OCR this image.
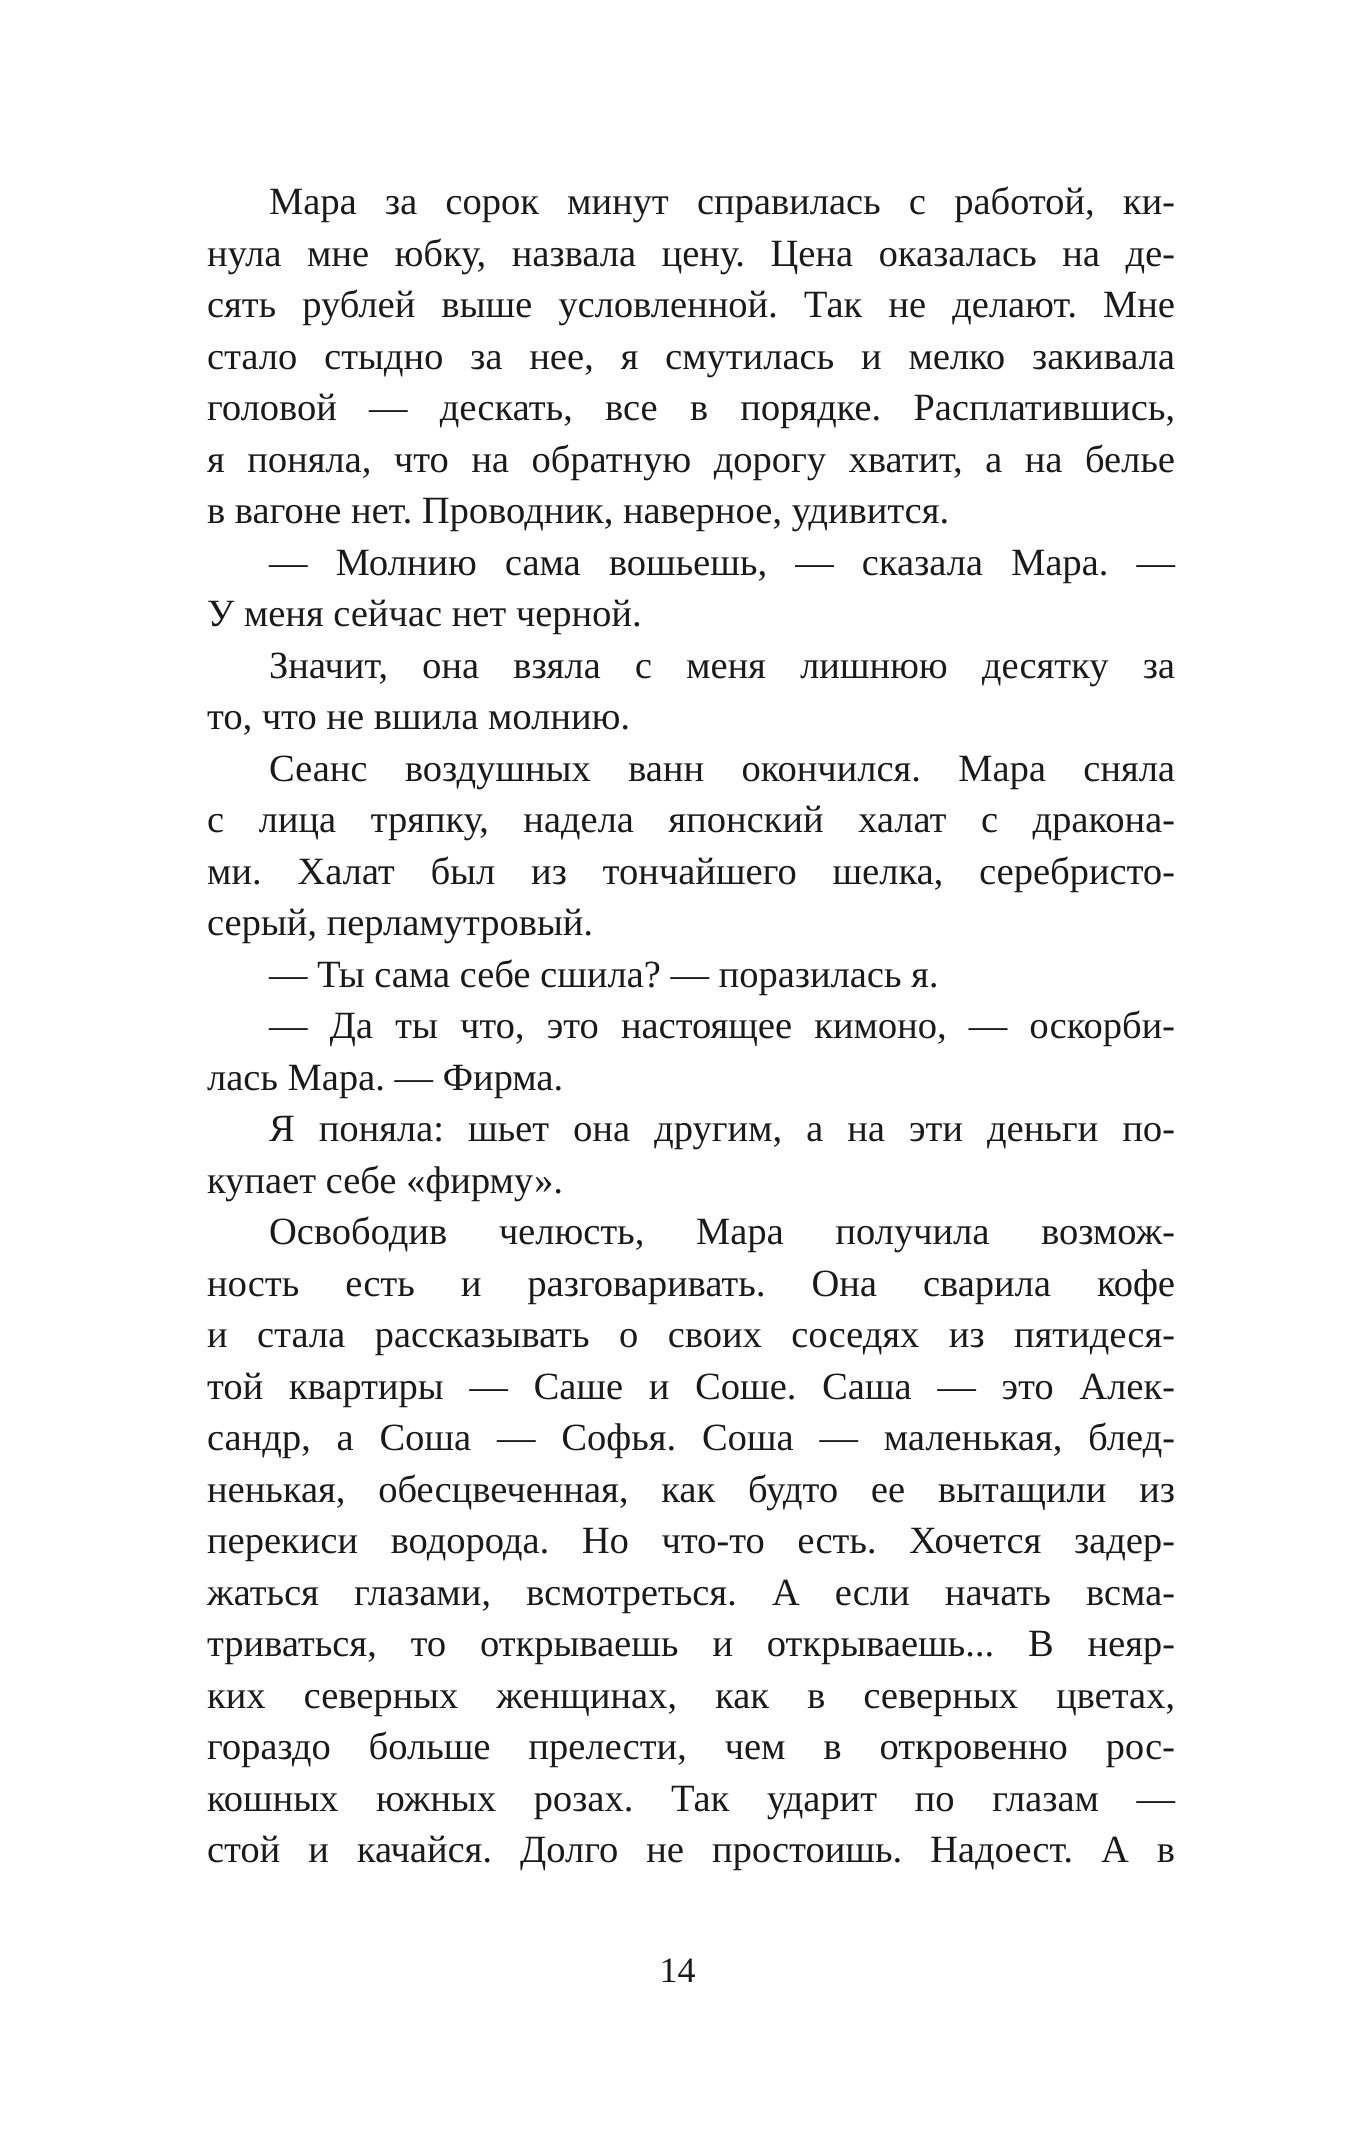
Мара за сорок минут справилась с работой, ки-
нула мне юбку, назвала цену. Цена оказалась на де-
сять рублей выше условленной. Так не делают. Мне
стало стыдно за нее, я смутилась и мелко закивала
головой — дескать, все в порядке. Расплатившись,
я поняла, что на обратную дорогу хватит, а на белье
в вагоне нет. Проводник, наверное, удивится.
— Молнию сама вошьешь, — сказала Мара. —
У меня сейчас нет черной.
Значит, она взяла с меня лишнюю десятку за
то, что не вшила молнию.
Сеанс воздушных ванн окончился. Мара сняла
с лица тряпку, надела японский халат с дракона-
ми. Халат был из тончайшего шелка, серебристо-
серый, перламутровый.
— Ты сама себе сшила? — поразилась я.
— Да ты что, это настоящее кимоно, — оскорби-
лась Мара. — Фирма.
Я поняла: шьет она другим, а на эти деньги по-
купает себе «фирму».
Освободив челюсть, Мара получила возмож-
ность есть и разговаривать. Она сварила кофе
и стала рассказывать о своих соседях из пятидеся-
той квартиры — Саше и Соше. Саша — это Алек-
сандр, а Соша — Софья. Соша — маленькая, блед-
ненькая, обесцвеченная, как будто ее вытащили из
перекиси водорода. Но что-то есть. Хочется задер-
жаться глазами, всмотреться. А если начать всма-
триваться, то открываешь и открываешь... В неяр-
ких северных женщинах, как в северных цветах,
гораздо больше прелести, чем в откровенно рос-
кошных южных розах. Так ударит по глазам —
стой и качайся. Долго не простоишь. Надоест. А в
14
